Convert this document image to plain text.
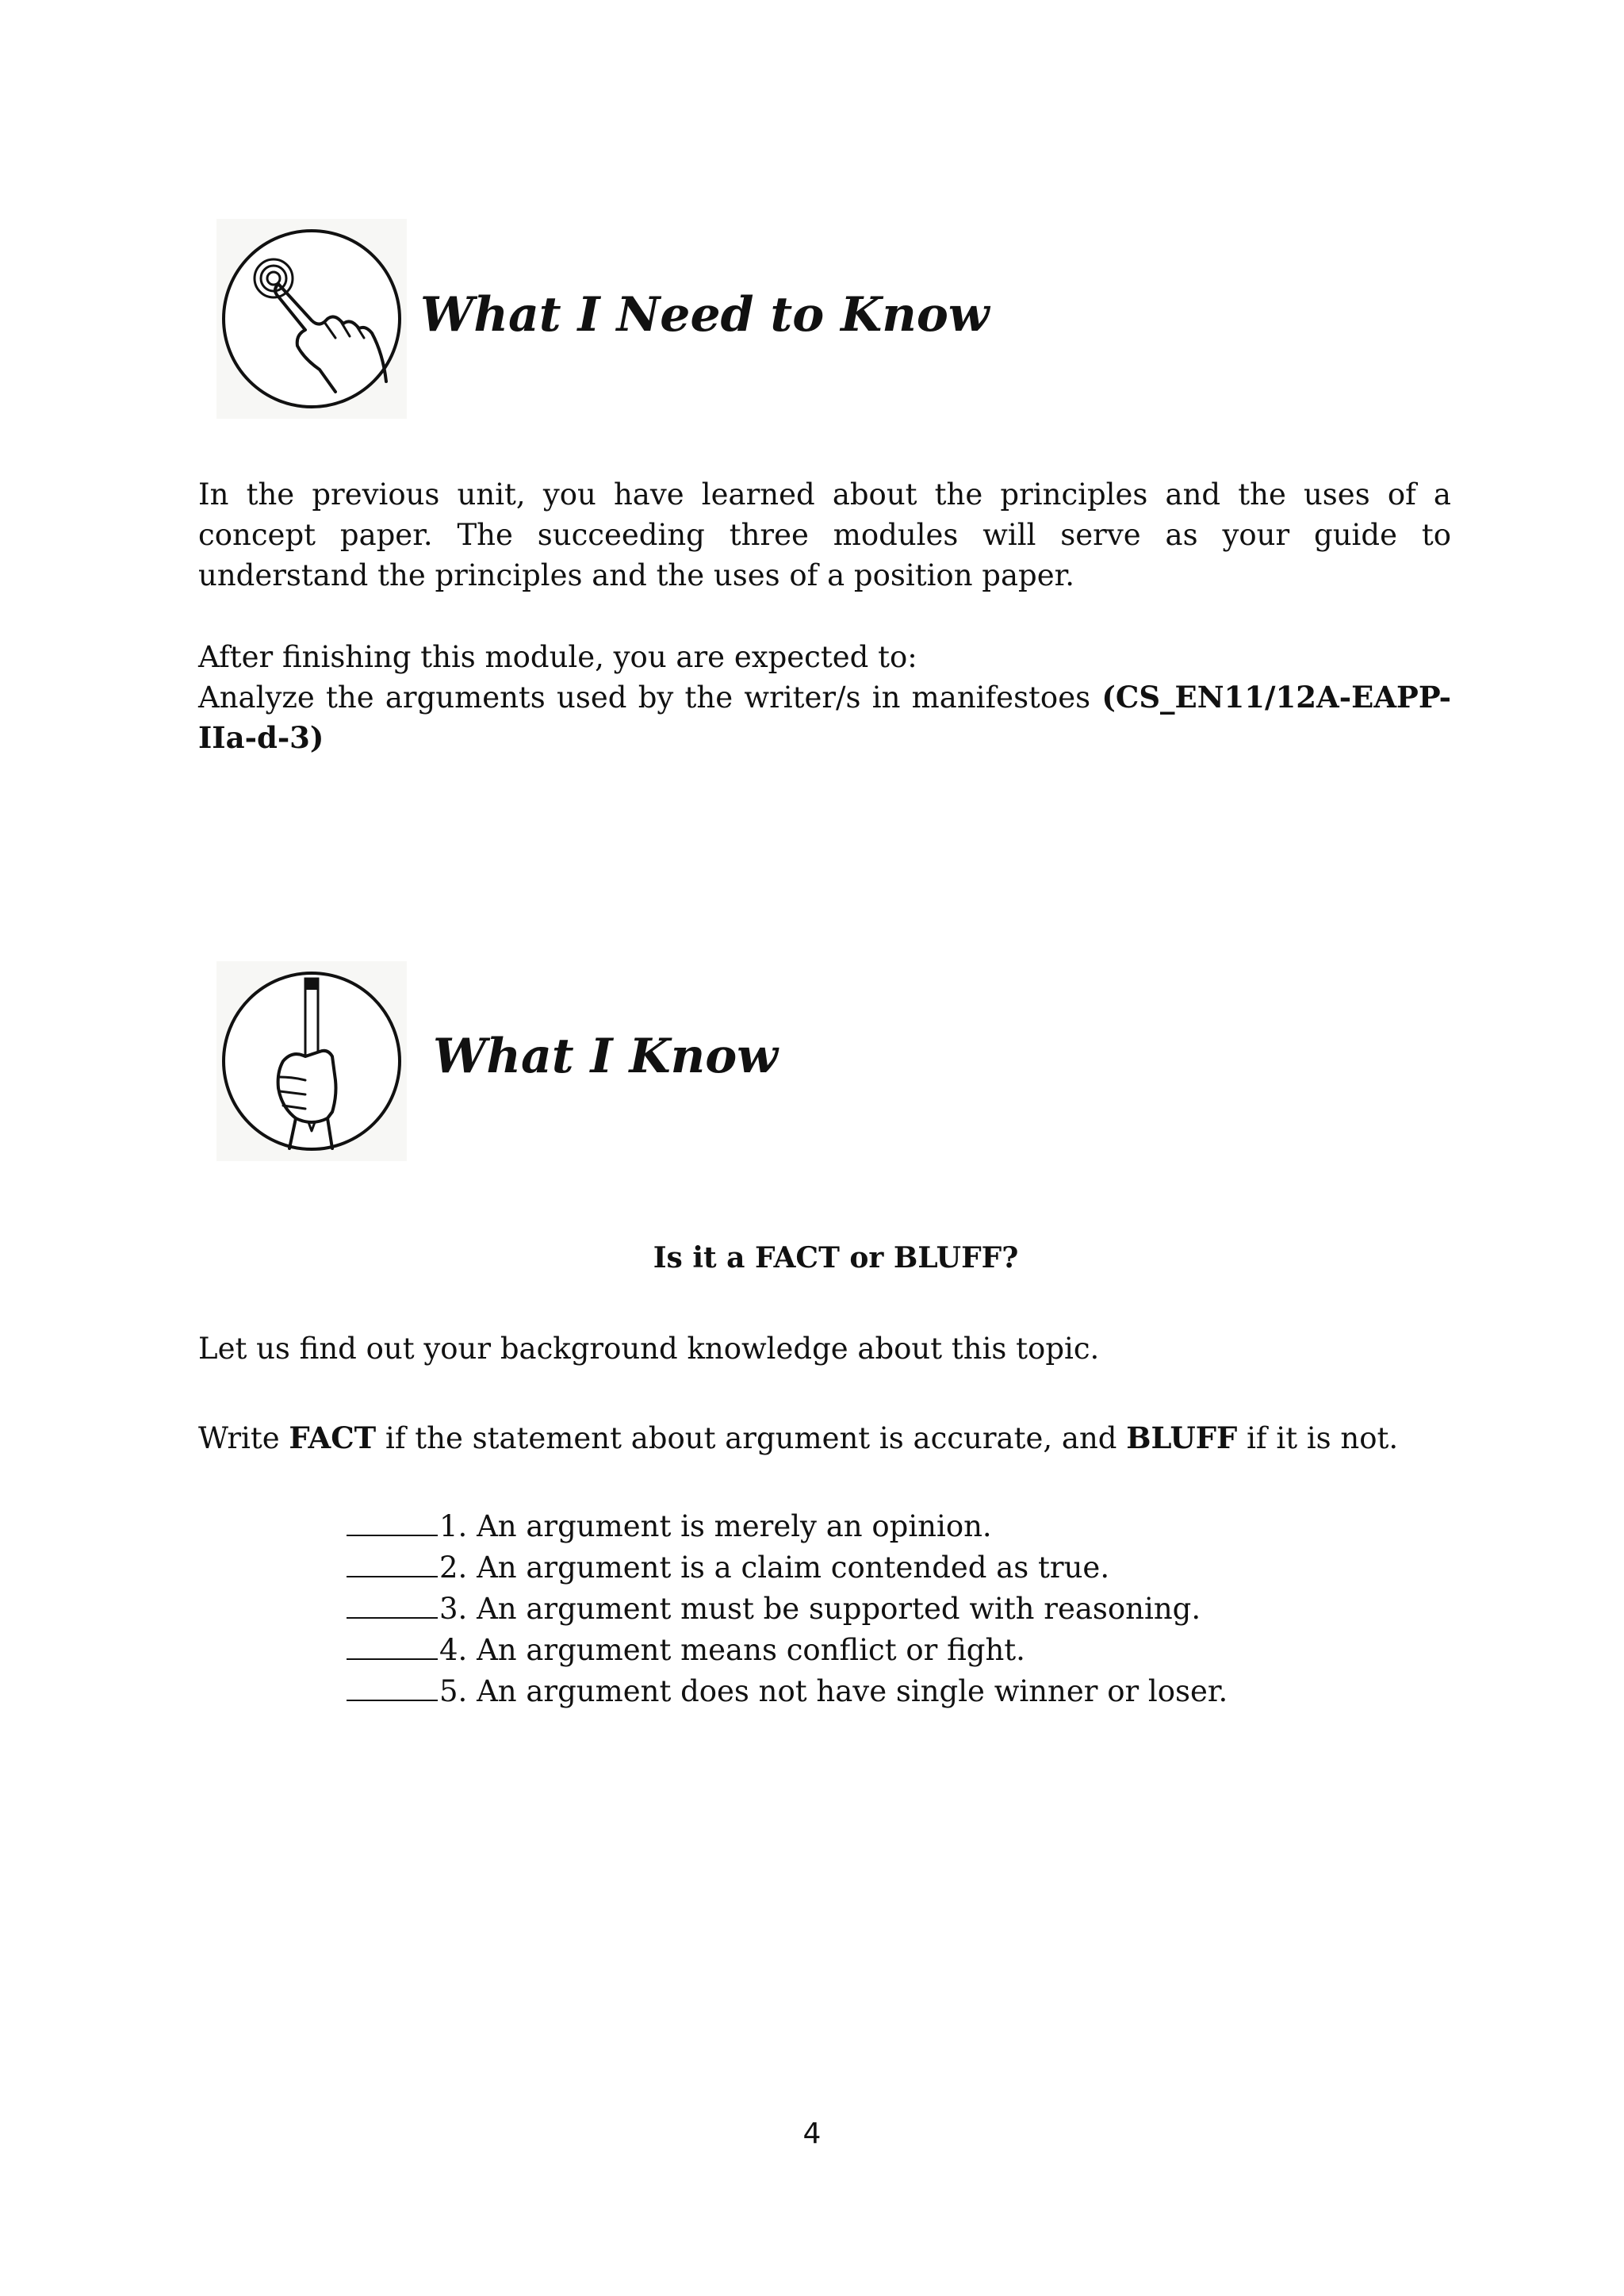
What I Need to Know

In the previous unit, you have learned about the principles and the uses of a concept paper. The succeeding three modules will serve as your guide to understand the principles and the uses of a position paper.

After finishing this module, you are expected to:

Analyze the arguments used by the writer/s in manifestoes (CS_EN11/12A-EAPP-IIa-d-3)

What I Know

Is it a FACT or BLUFF?

Let us find out your background knowledge about this topic.

Write FACT if the statement about argument is accurate, and BLUFF if it is not.

1. An argument is merely an opinion.
2. An argument is a claim contended as true.
3. An argument must be supported with reasoning.
4. An argument means conflict or fight.
5. An argument does not have single winner or loser.

4
